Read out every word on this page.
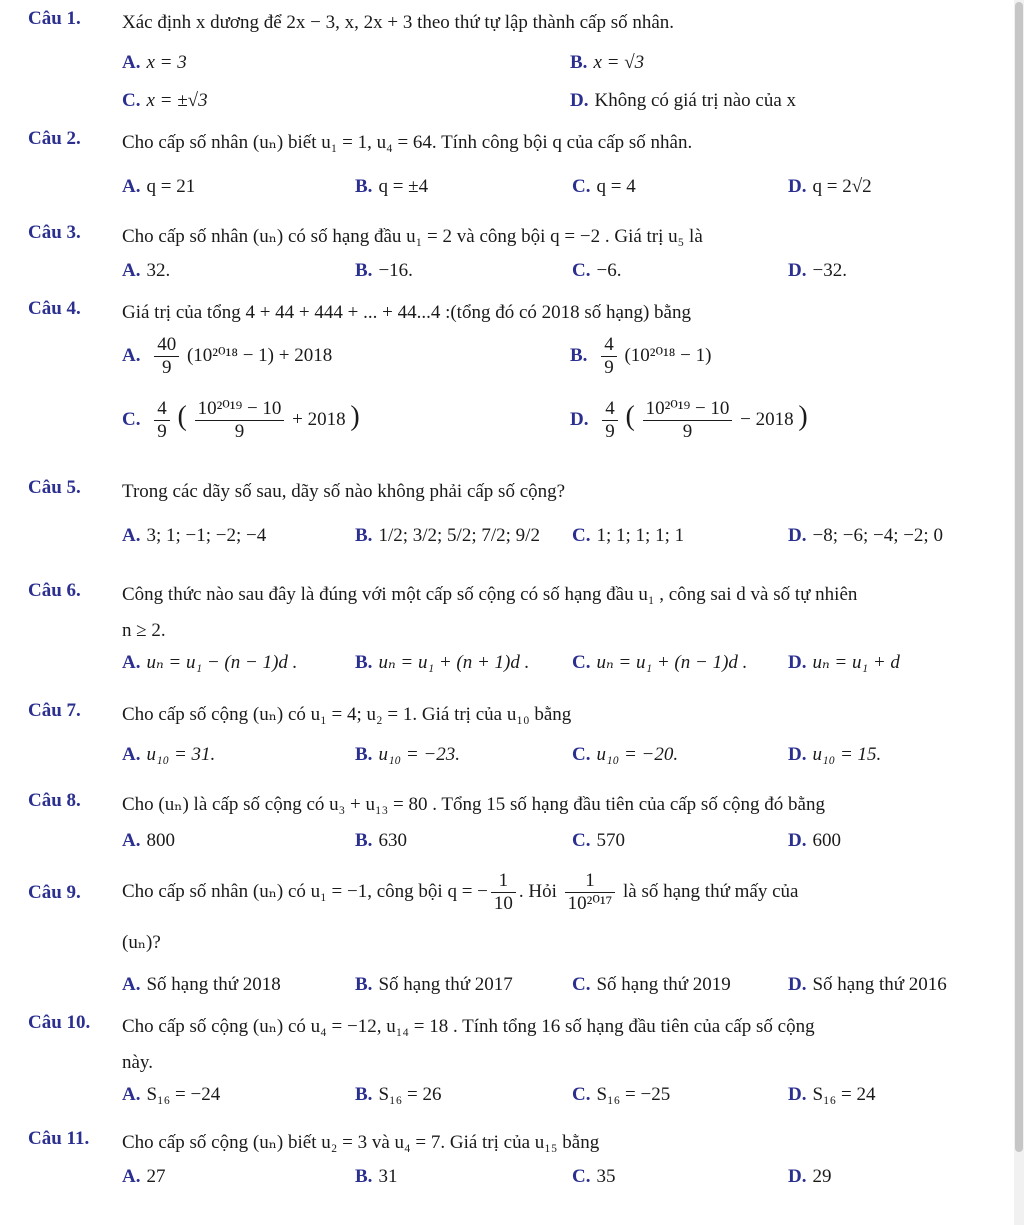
Câu 1. Xác định x dương để 2x − 3, x, 2x + 3 theo thứ tự lập thành cấp số nhân.
A. x = 3	B. x = √3
C. x = ±√3	D. Không có giá trị nào của x
Câu 2. Cho cấp số nhân (uₙ) biết u₁ = 1, u₄ = 64. Tính công bội q của cấp số nhân.
A. q = 21	B. q = ±4	C. q = 4	D. q = 2√2
Câu 3. Cho cấp số nhân (uₙ) có số hạng đầu u₁ = 2 và công bội q = −2 . Giá trị u₅ là
A. 32.	B. −16.	C. −6.	D. −32.
Câu 4. Giá trị của tổng 4 + 44 + 444 + ... + 44...4 :(tổng đó có 2018 số hạng) bằng
A. $\frac{40}{9} (10^{2018} - 1) + 2018$	B. $\frac{4}{9} (10^{2018} - 1)$
C. $\frac{4}{9}$ ( $\frac{\text{10²⁰¹⁹ − 10}}{9} + 2018$ )	D. $\frac{4}{9}$ ( $\frac{\text{10²⁰¹⁹ − 10}}{9} - 2018$ )
Câu 5. Trong các dãy số sau, dãy số nào không phải cấp số cộng?
A. 3; 1; −1; −2; −4	B. 1/2; 3/2; 5/2; 7/2; 9/2 C. 1; 1; 1; 1; 1	D. −8; −6; −4; −2; 0
Câu 6. Công thức nào sau đây là đúng với một cấp số cộng có số hạng đầu u₁ , công sai d và số tự nhiên
n ≥ 2.
A. uₙ = u₁ − (n − 1)d .	B. uₙ = u₁ + (n + 1)d . C. uₙ = u₁ + (n − 1)d . D. uₙ = u₁ + d
Câu 7. Cho cấp số cộng (uₙ) có u₁ = 4; u₂ = 1. Giá trị của u₁₀ bằng
A. u₁₀ = 31.	B. u₁₀ = −23.	C. u₁₀ = −20.	D. u₁₀ = 15.
Câu 8. Cho (uₙ) là cấp số cộng có u₃ + u₁₃ = 80 . Tổng 15 số hạng đầu tiên của cấp số cộng đó bằng
A. 800	B. 630	C. 570	D. 600
Câu 9. Cho cấp số nhân (uₙ) có u₁ = −1, công bội q = − $\frac{1}{10}$ . Hỏi $\frac{1}{\text{10²⁰¹⁷}}$ là số hạng thứ mấy của
(uₙ)?
A. Số hạng thứ 2018	B. Số hạng thứ 2017	C. Số hạng thứ 2019	D. Số hạng thứ 2016
Câu 10. Cho cấp số cộng (uₙ) có u₄ = −12, u₁₄ = 18 . Tính tổng 16 số hạng đầu tiên của cấp số cộng
này.
A. S₁₆ = −24	B. S₁₆ = 26	C. S₁₆ = −25	D. S₁₆ = 24
Câu 11. Cho cấp số cộng (uₙ) biết u₂ = 3 và u₄ = 7. Giá trị của u₁₅ bằng
A. 27	B. 31	C. 35	D. 29
